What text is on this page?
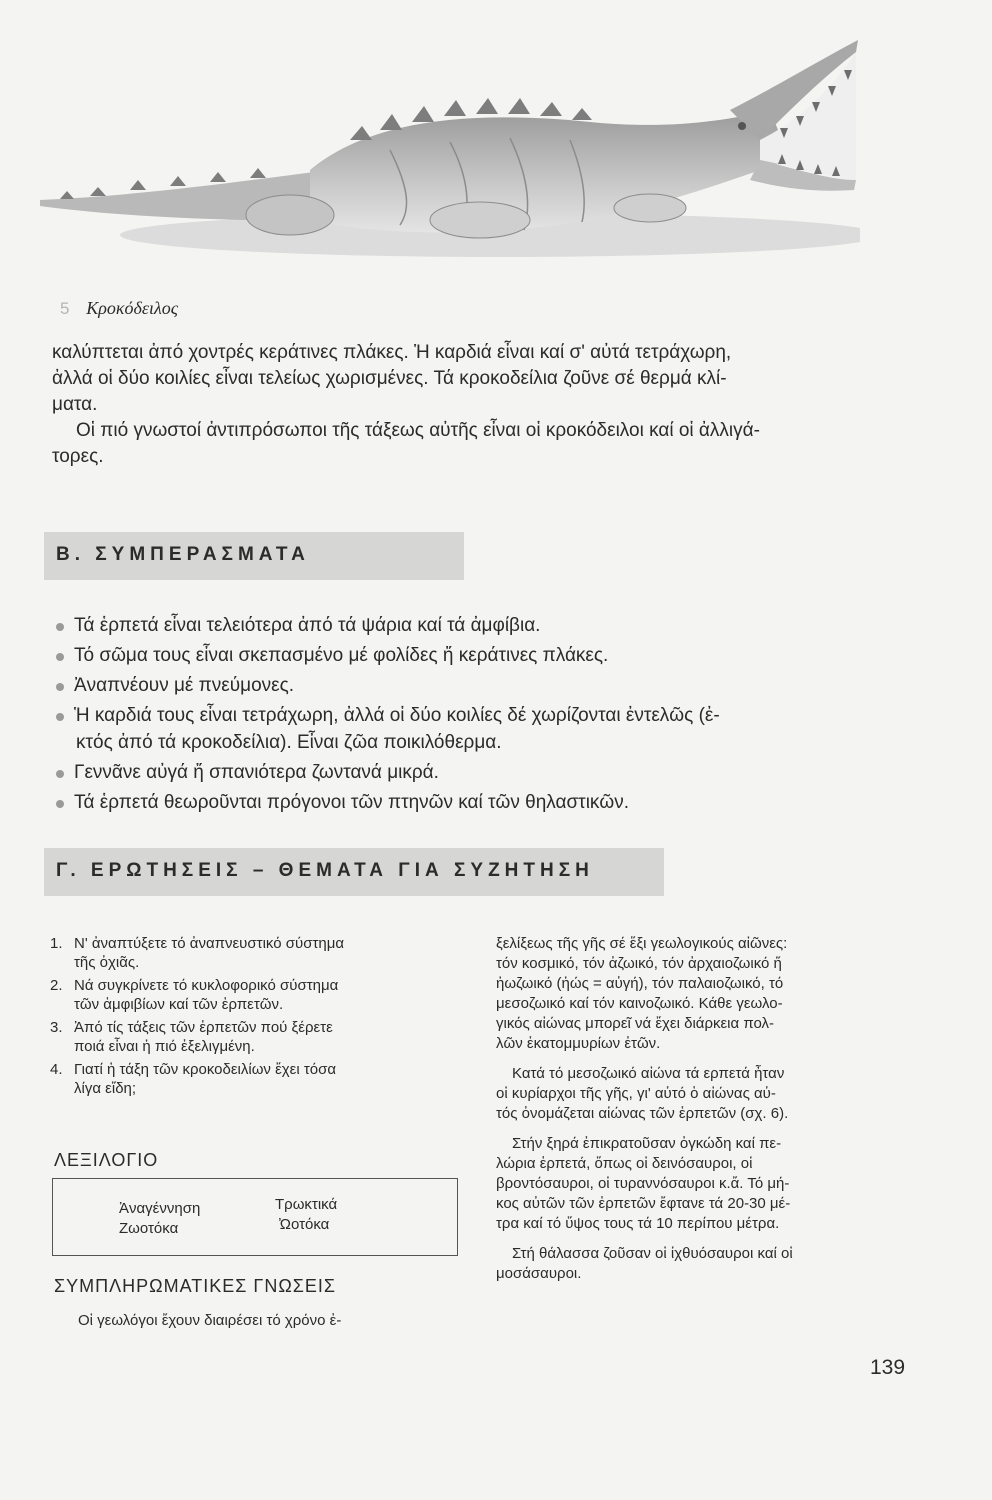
5 Κροκόδειλος
καλύπτεται ἀπό χοντρές κεράτινες πλάκες. Ἡ καρδιά εἶναι καί σ' αὐτά τετράχωρη,
ἀλλά οἱ δύο κοιλίες εἶναι τελείως χωρισμένες. Τά κροκοδείλια ζοῦνε σέ θερμά κλί-
ματα.
Οἱ πιό γνωστοί ἀντιπρόσωποι τῆς τάξεως αὐτῆς εἶναι οἱ κροκόδειλοι καί οἱ ἀλλιγά-
τορες.
Β. ΣΥΜΠΕΡΑΣΜΑΤΑ
Τά ἑρπετά εἶναι τελειότερα ἀπό τά ψάρια καί τά ἀμφίβια.
Τό σῶμα τους εἶναι σκεπασμένο μέ φολίδες ἤ κεράτινες πλάκες.
Ἀναπνέουν μέ πνεύμονες.
Ἡ καρδιά τους εἶναι τετράχωρη, ἀλλά οἱ δύο κοιλίες δέ χωρίζονται ἐντελῶς (ἐ-
κτός ἀπό τά κροκοδείλια). Εἶναι ζῶα ποικιλόθερμα.
Γεννᾶνε αὐγά ἤ σπανιότερα ζωντανά μικρά.
Τά ἑρπετά θεωροῦνται πρόγονοι τῶν πτηνῶν καί τῶν θηλαστικῶν.
Γ. ΕΡΩΤΗΣΕΙΣ – ΘΕΜΑΤΑ ΓΙΑ ΣΥΖΗΤΗΣΗ
1. Ν' ἀναπτύξετε τό ἀναπνευστικό σύστημα
τῆς ὀχιᾶς.
2. Νά συγκρίνετε τό κυκλοφορικό σύστημα
τῶν ἀμφιβίων καί τῶν ἑρπετῶν.
3. Ἀπό τίς τάξεις τῶν ἑρπετῶν πού ξέρετε
ποιά εἶναι ἡ πιό ἐξελιγμένη.
4. Γιατί ἡ τάξη τῶν κροκοδειλίων ἔχει τόσα
λίγα εἴδη;
ΛΕΞΙΛΟΓΙΟ
Ἀναγέννηση
Ζωοτόκα
Τρωκτικά
Ὠοτόκα
ΣΥΜΠΛΗΡΩΜΑΤΙΚΕΣ ΓΝΩΣΕΙΣ
Οἱ γεωλόγοι ἔχουν διαιρέσει τό χρόνο ἐ-

ξελίξεως τῆς γῆς σέ ἕξι γεωλογικούς αἰῶνες:
τόν κοσμικό, τόν ἀζωικό, τόν ἀρχαιοζωικό ἤ
ἠωζωικό (ἠώς = αὐγή), τόν παλαιοζωικό, τό
μεσοζωικό καί τόν καινοζωικό. Κάθε γεωλο-
γικός αἰώνας μπορεῖ νά ἔχει διάρκεια πολ-
λῶν ἑκατομμυρίων ἐτῶν.

Κατά τό μεσοζωικό αἰώνα τά ερπετά ἦταν
οἱ κυρίαρχοι τῆς γῆς, γι' αὐτό ὁ αἰώνας αὐ-
τός ὀνομάζεται αἰώνας τῶν ἑρπετῶν (σχ. 6).

Στήν ξηρά ἐπικρατοῦσαν ὀγκώδη καί πε-
λώρια ἑρπετά, ὅπως οἱ δεινόσαυροι, οἱ
βροντόσαυροι, οἱ τυραννόσαυροι κ.ἄ. Τό μή-
κος αὐτῶν τῶν ἑρπετῶν ἔφτανε τά 20-30 μέ-
τρα καί τό ὕψος τους τά 10 περίπου μέτρα.

Στή θάλασσα ζοῦσαν οἱ ἰχθυόσαυροι καί οἱ
μοσάσαυροι.

139
